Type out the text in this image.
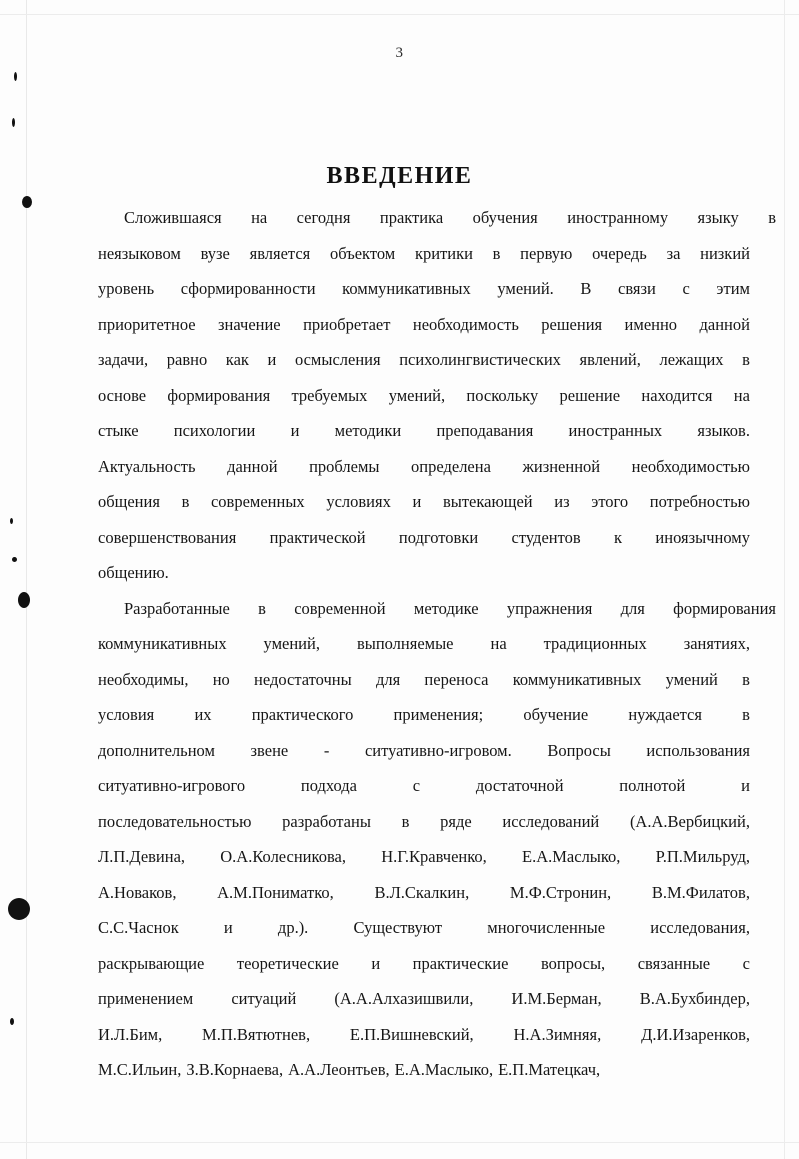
3
ВВЕДЕНИЕ
Сложившаяся на сегодня практика обучения иностранному языку в
неязыковом вузе является объектом критики в первую очередь за низкий
уровень сформированности коммуникативных умений. В связи с этим
приоритетное значение приобретает необходимость решения именно данной
задачи, равно как и осмысления психолингвистических явлений, лежащих в
основе формирования требуемых умений, поскольку решение находится на
стыке психологии и методики преподавания иностранных языков.
Актуальность данной проблемы определена жизненной необходимостью
общения в современных условиях и вытекающей из этого потребностью
совершенствования практической подготовки студентов к иноязычному
общению.
Разработанные в современной методике упражнения для формирования
коммуникативных умений, выполняемые на традиционных занятиях,
необходимы, но недостаточны для переноса коммуникативных умений в
условия их практического применения; обучение нуждается в
дополнительном звене - ситуативно-игровом. Вопросы использования
ситуативно-игрового	подхода	с	достаточной	полнотой	и
последовательностью разработаны в ряде исследований (А.А.Вербицкий,
Л.П.Девина, О.А.Колесникова, Н.Г.Кравченко, Е.А.Маслыко, Р.П.Мильруд,
А.Новаков, А.М.Пониматко, В.Л.Скалкин, М.Ф.Стронин, В.М.Филатов,
С.С.Часнок	и	др.).	Существуют	многочисленные	исследования,
раскрывающие теоретические и практические вопросы, связанные с
применением ситуаций (А.А.Алхазишвили, И.М.Берман, В.А.Бухбиндер,
И.Л.Бим, М.П.Вятютнев, Е.П.Вишневский, Н.А.Зимняя, Д.И.Изаренков,
М.С.Ильин, З.В.Корнаева, А.А.Леонтьев, Е.А.Маслыко, Е.П.Матецкач,
